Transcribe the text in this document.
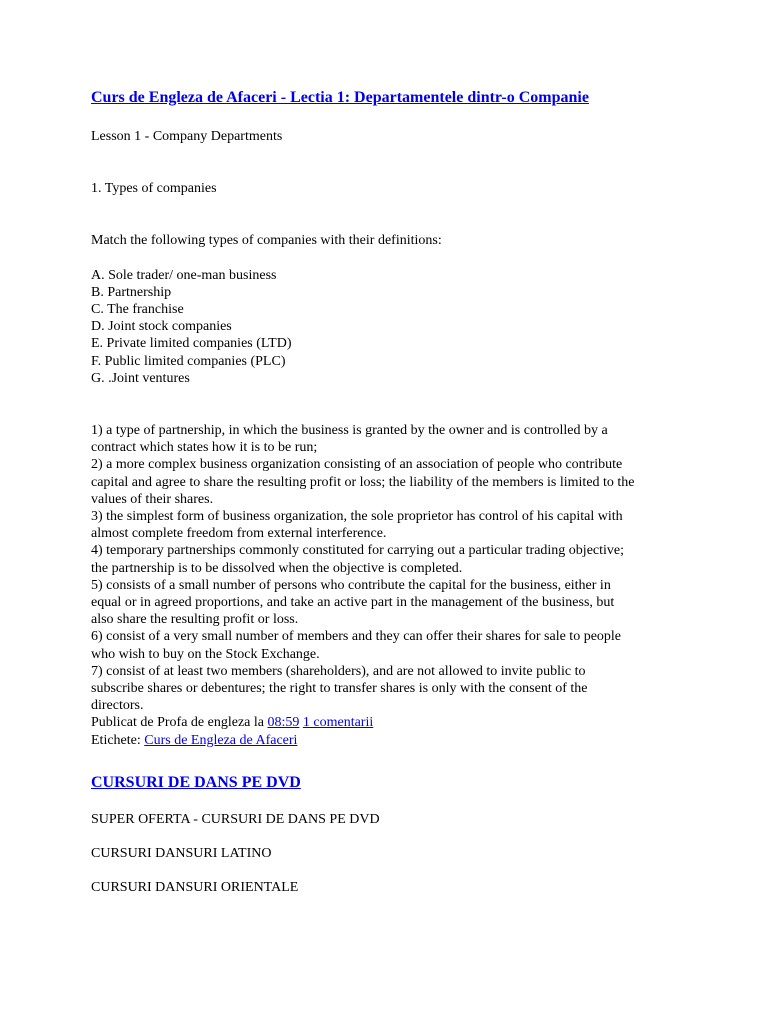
Curs de Engleza de Afaceri - Lectia 1: Departamentele dintr-o Companie
Lesson 1 - Company Departments
1. Types of companies
Match the following types of companies with their definitions:
A. Sole trader/ one-man business
B. Partnership
C. The franchise
D. Joint stock companies
E. Private limited companies (LTD)
F. Public limited companies (PLC)
G. .Joint ventures
1) a type of partnership, in which the business is granted by the owner and is controlled by a
contract which states how it is to be run;
2) a more complex business organization consisting of an association of people who contribute
capital and agree to share the resulting profit or loss; the liability of the members is limited to the
values of their shares.
3) the simplest form of business organization, the sole proprietor has control of his capital with
almost complete freedom from external interference.
4) temporary partnerships commonly constituted for carrying out a particular trading objective;
the partnership is to be dissolved when the objective is completed.
5) consists of a small number of persons who contribute the capital for the business, either in
equal or in agreed proportions, and take an active part in the management of the business, but
also share the resulting profit or loss.
6) consist of a very small number of members and they can offer their shares for sale to people
who wish to buy on the Stock Exchange.
7) consist of at least two members (shareholders), and are not allowed to invite public to
subscribe shares or debentures; the right to transfer shares is only with the consent of the
directors.
Publicat de Profa de engleza la 08:59 1 comentarii
Etichete: Curs de Engleza de Afaceri
CURSURI DE DANS PE DVD
SUPER OFERTA - CURSURI DE DANS PE DVD
CURSURI DANSURI LATINO
CURSURI DANSURI ORIENTALE
